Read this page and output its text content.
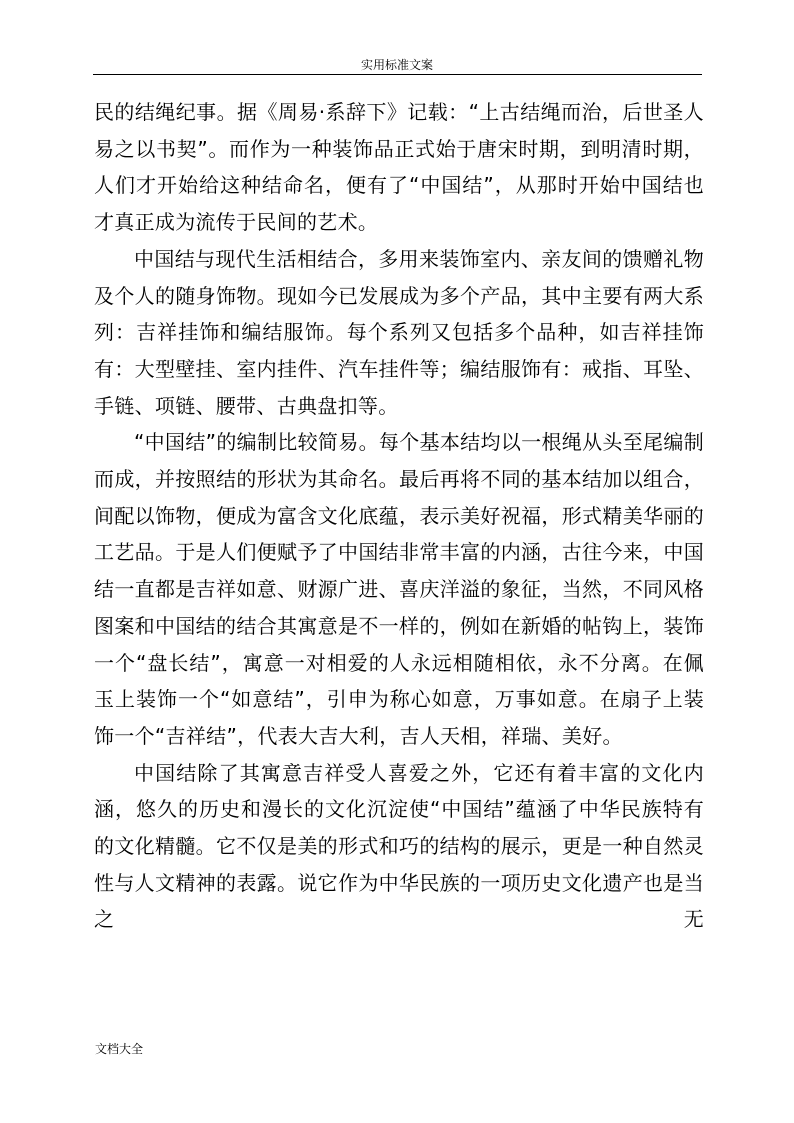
实用标准文案

民的结绳纪事。据《周易·系辞下》记载：“上古结绳而治，后世圣人易之以书契”。而作为一种装饰品正式始于唐宋时期，到明清时期，人们才开始给这种结命名，便有了“中国结”，从那时开始中国结也才真正成为流传于民间的艺术。

中国结与现代生活相结合，多用来装饰室内、亲友间的馈赠礼物及个人的随身饰物。现如今已发展成为多个产品，其中主要有两大系列：吉祥挂饰和编结服饰。每个系列又包括多个品种，如吉祥挂饰有：大型壁挂、室内挂件、汽车挂件等；编结服饰有：戒指、耳坠、手链、项链、腰带、古典盘扣等。

“中国结”的编制比较简易。每个基本结均以一根绳从头至尾编制而成，并按照结的形状为其命名。最后再将不同的基本结加以组合，间配以饰物，便成为富含文化底蕴，表示美好祝福，形式精美华丽的工艺品。于是人们便赋予了中国结非常丰富的内涵，古往今来，中国结一直都是吉祥如意、财源广进、喜庆洋溢的象征，当然，不同风格图案和中国结的结合其寓意是不一样的，例如在新婚的帖钩上，装饰一个“盘长结”，寓意一对相爱的人永远相随相依，永不分离。在佩玉上装饰一个“如意结”，引申为称心如意，万事如意。在扇子上装饰一个“吉祥结”，代表大吉大利，吉人天相，祥瑞、美好。

中国结除了其寓意吉祥受人喜爱之外，它还有着丰富的文化内涵，悠久的历史和漫长的文化沉淀使“中国结”蕴涵了中华民族特有的文化精髓。它不仅是美的形式和巧的结构的展示，更是一种自然灵性与人文精神的表露。说它作为中华民族的一项历史文化遗产也是当之无

文档大全
